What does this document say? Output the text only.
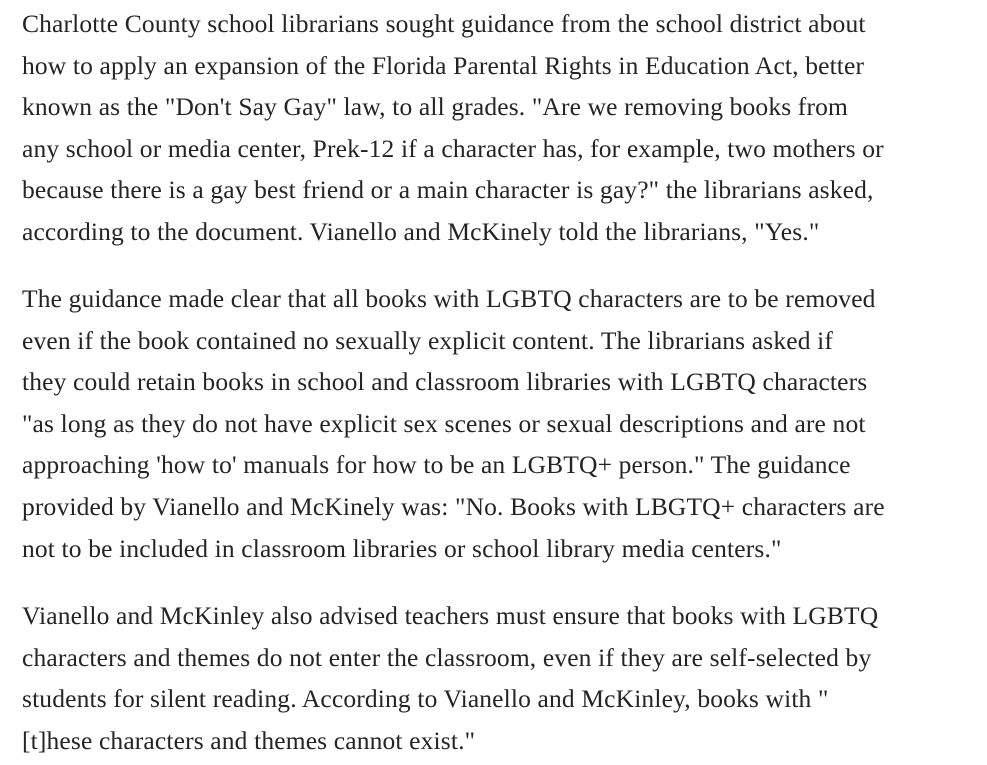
Charlotte County school librarians sought guidance from the school district about
how to apply an expansion of the Florida Parental Rights in Education Act, better
known as the "Don't Say Gay" law, to all grades. "Are we removing books from
any school or media center, Prek-12 if a character has, for example, two mothers or
because there is a gay best friend or a main character is gay?" the librarians asked,
according to the document. Vianello and McKinely told the librarians, "Yes."

The guidance made clear that all books with LGBTQ characters are to be removed
even if the book contained no sexually explicit content. The librarians asked if
they could retain books in school and classroom libraries with LGBTQ characters
"as long as they do not have explicit sex scenes or sexual descriptions and are not
approaching 'how to' manuals for how to be an LGBTQ+ person." The guidance
provided by Vianello and McKinely was: "No. Books with LBGTQ+ characters are
not to be included in classroom libraries or school library media centers."

Vianello and McKinley also advised teachers must ensure that books with LGBTQ
characters and themes do not enter the classroom, even if they are self-selected by
students for silent reading. According to Vianello and McKinley, books with "
[t]hese characters and themes cannot exist."
